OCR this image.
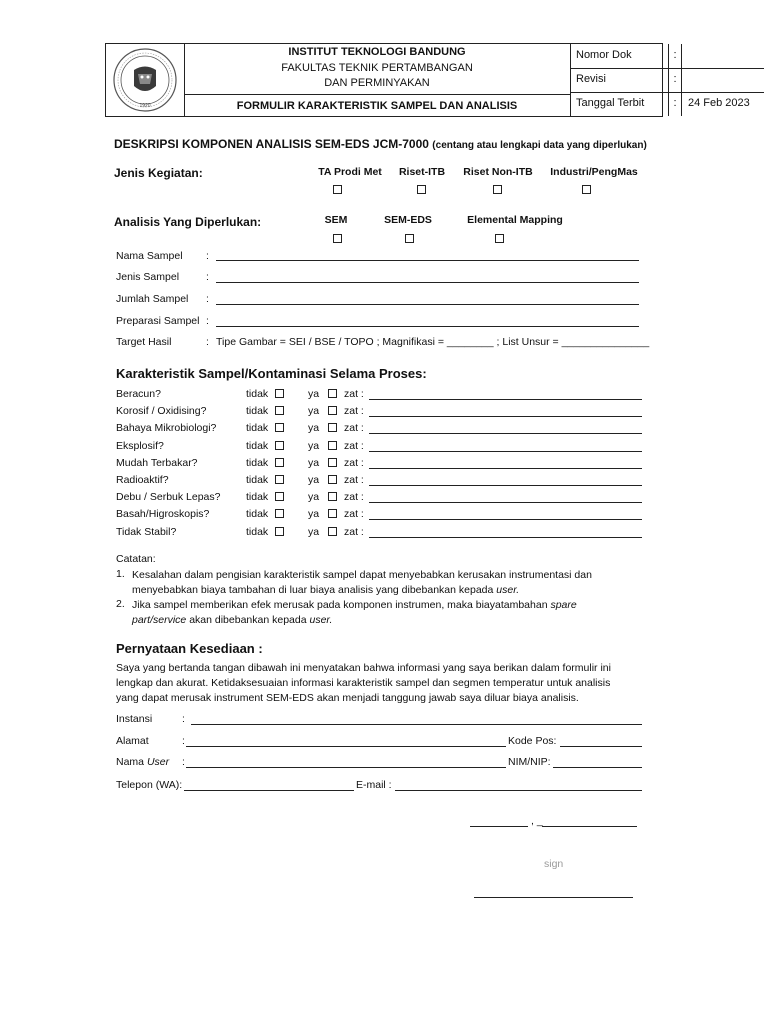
1920
INSTITUT TEKNOLOGI BANDUNG
FAKULTAS TEKNIK PERTAMBANGAN
DAN PERMINYAKAN
FORMULIR KARAKTERISTIK SAMPEL DAN ANALISIS
Nomor Dok	:
Revisi	:
Tanggal Terbit	:	24 Feb 2023
DESKRIPSI KOMPONEN ANALISIS SEM-EDS JCM-7000 (centang atau lengkapi data yang diperlukan)
Jenis Kegiatan:	TA Prodi Met	Riset-ITB	Riset Non-ITB	Industri/PengMas
Analisis Yang Diperlukan:	SEM	SEM-EDS	Elemental Mapping
Nama Sampel :
Jenis Sampel	:
Jumlah Sampel :
Preparasi Sampel :
Target Hasil	: Tipe Gambar = SEI / BSE / TOPO ; Magnifikasi = ________ ; List Unsur = _______________
Karakteristik Sampel/Kontaminasi Selama Proses:
Beracun?	tidak	ya zat :
Korosif / Oxidising?	tidak	ya zat :
Bahaya Mikrobiologi?	tidak	ya zat :
Eksplosif?	tidak	ya zat :
Mudah Terbakar?	tidak	ya zat :
Radioaktif?	tidak	ya zat :
Debu / Serbuk Lepas? tidak	ya zat :
Basah/Higroskopis?	tidak	ya zat :
Tidak Stabil?	tidak	ya zat :
Catatan:
1. Kesalahan dalam pengisian karakteristik sampel dapat menyebabkan kerusakan instrumentasi dan
menyebabkan biaya tambahan di luar biaya analisis yang dibebankan kepada user.
2. Jika sampel memberikan efek merusak pada komponen instrumen, maka biayatambahan spare
part/service akan dibebankan kepada user.
Pernyataan Kesediaan :
Saya yang bertanda tangan dibawah ini menyatakan bahwa informasi yang saya berikan dalam formulir ini
lengkap dan akurat. Ketidaksesuaian informasi karakteristik sampel dan segmen temperatur untuk analisis
yang dapat merusak instrument SEM-EDS akan menjadi tanggung jawab saya diluar biaya analisis.
Instansi	:
Alamat	:	Kode Pos:
Nama User :	NIM/NIP:
Telepon (WA):	E-mail :
, _
sign
